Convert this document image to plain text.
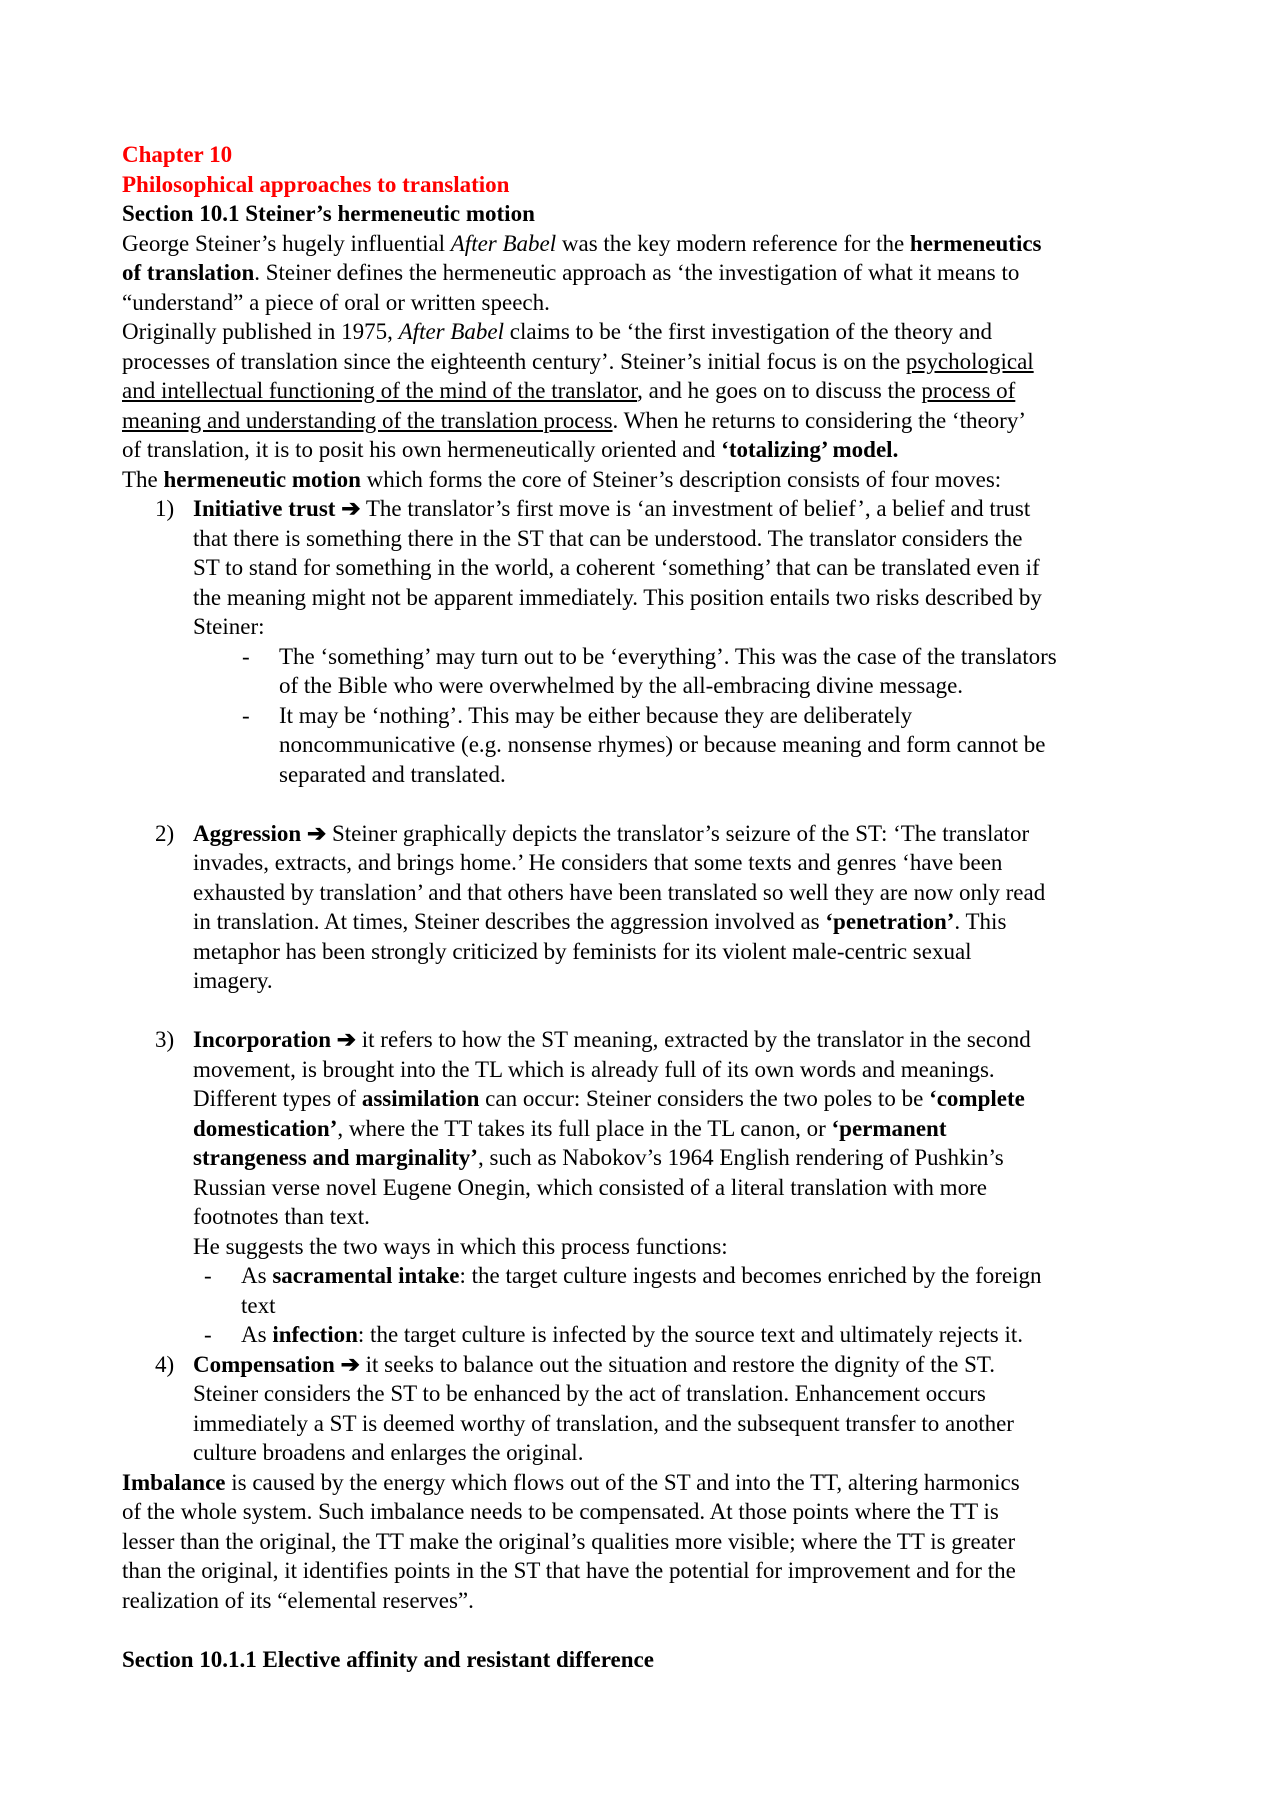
Chapter 10
Philosophical approaches to translation
Section 10.1 Steiner’s hermeneutic motion
George Steiner’s hugely influential After Babel was the key modern reference for the hermeneutics
of translation. Steiner defines the hermeneutic approach as ‘the investigation of what it means to
“understand” a piece of oral or written speech.
Originally published in 1975, After Babel claims to be ‘the first investigation of the theory and
processes of translation since the eighteenth century’. Steiner’s initial focus is on the psychological
and intellectual functioning of the mind of the translator, and he goes on to discuss the process of
meaning and understanding of the translation process. When he returns to considering the ‘theory’
of translation, it is to posit his own hermeneutically oriented and ‘totalizing’ model.
The hermeneutic motion which forms the core of Steiner’s description consists of four moves:
1) Initiative trust ➔ The translator’s first move is ‘an investment of belief’, a belief and trust
that there is something there in the ST that can be understood. The translator considers the
ST to stand for something in the world, a coherent ‘something’ that can be translated even if
the meaning might not be apparent immediately. This position entails two risks described by
Steiner:
- The ‘something’ may turn out to be ‘everything’. This was the case of the translators
of the Bible who were overwhelmed by the all-embracing divine message.
- It may be ‘nothing’. This may be either because they are deliberately
noncommunicative (e.g. nonsense rhymes) or because meaning and form cannot be
separated and translated.
2) Aggression ➔ Steiner graphically depicts the translator’s seizure of the ST: ‘The translator
invades, extracts, and brings home.’ He considers that some texts and genres ‘have been
exhausted by translation’ and that others have been translated so well they are now only read
in translation. At times, Steiner describes the aggression involved as ‘penetration’. This
metaphor has been strongly criticized by feminists for its violent male-centric sexual
imagery.
3) Incorporation ➔ it refers to how the ST meaning, extracted by the translator in the second
movement, is brought into the TL which is already full of its own words and meanings.
Different types of assimilation can occur: Steiner considers the two poles to be ‘complete
domestication’, where the TT takes its full place in the TL canon, or ‘permanent
strangeness and marginality’, such as Nabokov’s 1964 English rendering of Pushkin’s
Russian verse novel Eugene Onegin, which consisted of a literal translation with more
footnotes than text.
He suggests the two ways in which this process functions:
- As sacramental intake: the target culture ingests and becomes enriched by the foreign
text
- As infection: the target culture is infected by the source text and ultimately rejects it.
4) Compensation ➔ it seeks to balance out the situation and restore the dignity of the ST.
Steiner considers the ST to be enhanced by the act of translation. Enhancement occurs
immediately a ST is deemed worthy of translation, and the subsequent transfer to another
culture broadens and enlarges the original.
Imbalance is caused by the energy which flows out of the ST and into the TT, altering harmonics
of the whole system. Such imbalance needs to be compensated. At those points where the TT is
lesser than the original, the TT make the original’s qualities more visible; where the TT is greater
than the original, it identifies points in the ST that have the potential for improvement and for the
realization of its “elemental reserves”.
Section 10.1.1 Elective affinity and resistant difference
